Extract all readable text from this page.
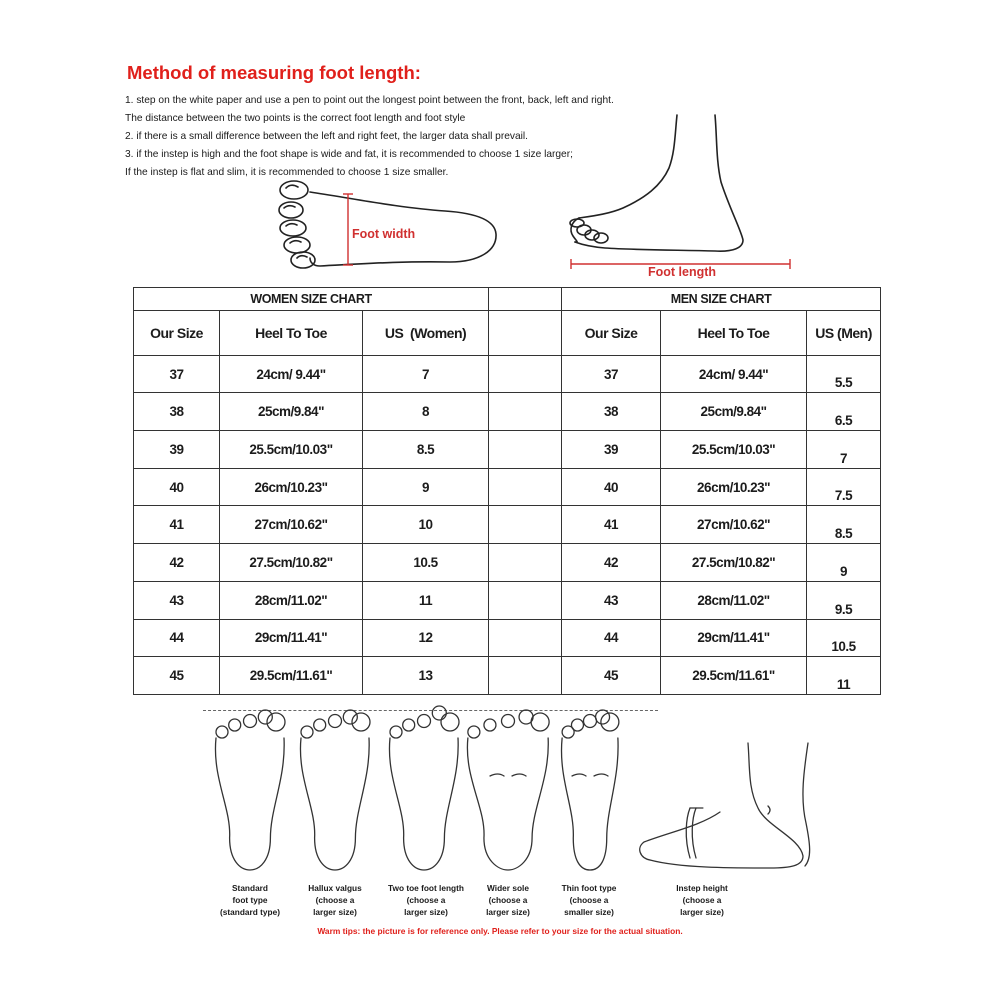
Method of measuring foot length:
1. step on the white paper and use a pen to point out the longest point between the front, back, left and right.
The distance between the two points is the correct foot length and foot style
2. if there is a small difference between the left and right feet, the larger data shall prevail.
3. if the instep is high and the foot shape is wide and fat, it is recommended to choose 1 size larger;
If the instep is flat and slim, it is recommended to choose 1 size smaller.
Foot width
Foot length
WOMEN SIZE CHART				MEN SIZE CHART		
Our Size	Heel To Toe	US  (Women)		Our Size	Heel To Toe	US (Men)
37	24cm/ 9.44"	7		37	24cm/ 9.44"	5.5
38	25cm/9.84"	8		38	25cm/9.84"	6.5
39	25.5cm/10.03"	8.5		39	25.5cm/10.03"	7
40	26cm/10.23"	9		40	26cm/10.23"	7.5
41	27cm/10.62"	10		41	27cm/10.62"	8.5
42	27.5cm/10.82"	10.5		42	27.5cm/10.82"	9
43	28cm/11.02"	11		43	28cm/11.02"	9.5
44	29cm/11.41"	12		44	29cm/11.41"	10.5
45	29.5cm/11.61"	13		45	29.5cm/11.61"	11
Standard
foot type
(standard type)
Hallux valgus
(choose a
larger size)
Two toe foot length
(choose a
larger size)
Wider sole
(choose a
larger size)
Thin foot type
(choose a
smaller size)
Instep height
(choose a
larger size)
Warm tips: the picture is for reference only. Please refer to your size for the actual situation.
